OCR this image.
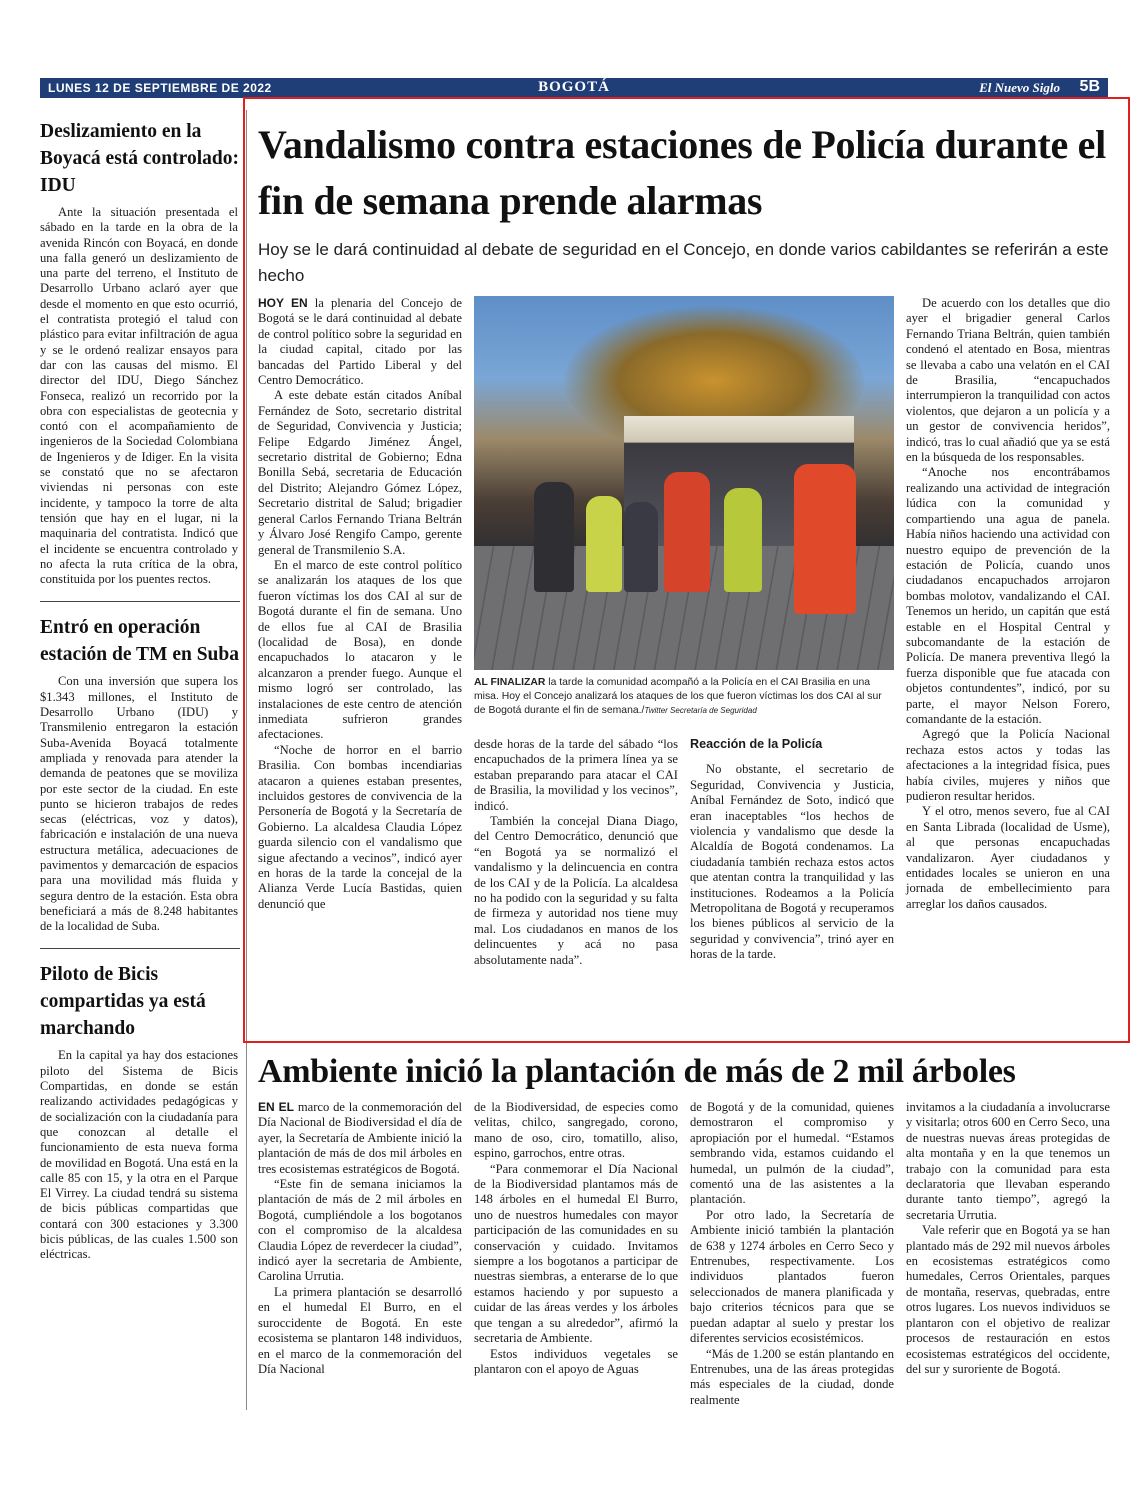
LUNES 12 DE SEPTIEMBRE DE 2022	BOGOTÁ	El Nuevo Siglo 5B
Deslizamiento en la Boyacá está controlado: IDU

Ante la situación presentada el sábado en la tarde en la obra de la avenida Rincón con Boyacá, en donde una falla generó un deslizamiento de una parte del terreno, el Instituto de Desarrollo Urbano aclaró ayer que desde el momento en que esto ocurrió, el contratista protegió el talud con plástico para evitar infiltración de agua y se le ordenó realizar ensayos para dar con las causas del mismo. El director del IDU, Diego Sánchez Fonseca, realizó un recorrido por la obra con especialistas de geotecnia y contó con el acompañamiento de ingenieros de la Sociedad Colombiana de Ingenieros y de Idiger. En la visita se constató que no se afectaron viviendas ni personas con este incidente, y tampoco la torre de alta tensión que hay en el lugar, ni la maquinaria del contratista. Indicó que el incidente se encuentra controlado y no afecta la ruta crítica de la obra, constituida por los puentes rectos.

Entró en operación estación de TM en Suba

Con una inversión que supera los $1.343 millones, el Instituto de Desarrollo Urbano (IDU) y Transmilenio entregaron la estación Suba-Avenida Boyacá totalmente ampliada y renovada para atender la demanda de peatones que se moviliza por este sector de la ciudad. En este punto se hicieron trabajos de redes secas (eléctricas, voz y datos), fabricación e instalación de una nueva estructura metálica, adecuaciones de pavimentos y demarcación de espacios para una movilidad más fluida y segura dentro de la estación. Esta obra beneficiará a más de 8.248 habitantes de la localidad de Suba.

Piloto de Bicis compartidas ya está marchando

En la capital ya hay dos estaciones piloto del Sistema de Bicis Compartidas, en donde se están realizando actividades pedagógicas y de socialización con la ciudadanía para que conozcan al detalle el funcionamiento de esta nueva forma de movilidad en Bogotá. Una está en la calle 85 con 15, y la otra en el Parque El Virrey. La ciudad tendrá su sistema de bicis públicas compartidas que contará con 300 estaciones y 3.300 bicis públicas, de las cuales 1.500 son eléctricas.

Vandalismo contra estaciones de Policía durante el fin de semana prende alarmas
Hoy se le dará continuidad al debate de seguridad en el Concejo, en donde varios cabildantes se referirán a este hecho

HOY EN la plenaria del Concejo de Bogotá se le dará continuidad al debate de control político sobre la seguridad en la ciudad capital, citado por las bancadas del Partido Liberal y del Centro Democrático.

A este debate están citados Aníbal Fernández de Soto, secretario distrital de Seguridad, Convivencia y Justicia; Felipe Edgardo Jiménez Ángel, secretario distrital de Gobierno; Edna Bonilla Sebá, secretaria de Educación del Distrito; Alejandro Gómez López, Secretario distrital de Salud; brigadier general Carlos Fernando Triana Beltrán y Álvaro José Rengifo Campo, gerente general de Transmilenio S.A.

En el marco de este control político se analizarán los ataques de los que fueron víctimas los dos CAI al sur de Bogotá durante el fin de semana. Uno de ellos fue al CAI de Brasilia (localidad de Bosa), en donde encapuchados lo atacaron y le alcanzaron a prender fuego. Aunque el mismo logró ser controlado, las instalaciones de este centro de atención inmediata sufrieron grandes afectaciones.

“Noche de horror en el barrio Brasilia. Con bombas incendiarias atacaron a quienes estaban presentes, incluidos gestores de convivencia de la Personería de Bogotá y la Secretaría de Gobierno. La alcaldesa Claudia López guarda silencio con el vandalismo que sigue afectando a vecinos”, indicó ayer en horas de la tarde la concejal de la Alianza Verde Lucía Bastidas, quien denunció que

AL FINALIZAR la tarde la comunidad acompañó a la Policía en el CAI Brasilia en una misa. Hoy el Concejo analizará los ataques de los que fueron víctimas los dos CAI al sur de Bogotá durante el fin de semana./Twitter Secretaría de Seguridad

desde horas de la tarde del sábado “los encapuchados de la primera línea ya se estaban preparando para atacar el CAI de Brasilia, la movilidad y los vecinos”, indicó.

También la concejal Diana Diago, del Centro Democrático, denunció que “en Bogotá ya se normalizó el vandalismo y la delincuencia en contra de los CAI y de la Policía. La alcaldesa no ha podido con la seguridad y su falta de firmeza y autoridad nos tiene muy mal. Los ciudadanos en manos de los delincuentes y acá no pasa absolutamente nada”.

Reacción de la Policía

No obstante, el secretario de Seguridad, Convivencia y Justicia, Aníbal Fernández de Soto, indicó que eran inaceptables “los hechos de violencia y vandalismo que desde la Alcaldía de Bogotá condenamos. La ciudadanía también rechaza estos actos que atentan contra la tranquilidad y las instituciones. Rodeamos a la Policía Metropolitana de Bogotá y recuperamos los bienes públicos al servicio de la seguridad y convivencia”, trinó ayer en horas de la tarde.

De acuerdo con los detalles que dio ayer el brigadier general Carlos Fernando Triana Beltrán, quien también condenó el atentado en Bosa, mientras se llevaba a cabo una velatón en el CAI de Brasilia, “encapuchados interrumpieron la tranquilidad con actos violentos, que dejaron a un policía y a un gestor de convivencia heridos”, indicó, tras lo cual añadió que ya se está en la búsqueda de los responsables.

“Anoche nos encontrábamos realizando una actividad de integración lúdica con la comunidad y compartiendo una agua de panela. Había niños haciendo una actividad con nuestro equipo de prevención de la estación de Policía, cuando unos ciudadanos encapuchados arrojaron bombas molotov, vandalizando el CAI. Tenemos un herido, un capitán que está estable en el Hospital Central y subcomandante de la estación de Policía. De manera preventiva llegó la fuerza disponible que fue atacada con objetos contundentes”, indicó, por su parte, el mayor Nelson Forero, comandante de la estación.

Agregó que la Policía Nacional rechaza estos actos y todas las afectaciones a la integridad física, pues había civiles, mujeres y niños que pudieron resultar heridos.

Y el otro, menos severo, fue al CAI en Santa Librada (localidad de Usme), al que personas encapuchadas vandalizaron. Ayer ciudadanos y entidades locales se unieron en una jornada de embellecimiento para arreglar los daños causados.

Ambiente inició la plantación de más de 2 mil árboles

EN EL marco de la conmemoración del Día Nacional de Biodiversidad el día de ayer, la Secretaría de Ambiente inició la plantación de más de dos mil árboles en tres ecosistemas estratégicos de Bogotá.

“Este fin de semana iniciamos la plantación de más de 2 mil árboles en Bogotá, cumpliéndole a los bogotanos con el compromiso de la alcaldesa Claudia López de reverdecer la ciudad”, indicó ayer la secretaria de Ambiente, Carolina Urrutia.

La primera plantación se desarrolló en el humedal El Burro, en el suroccidente de Bogotá. En este ecosistema se plantaron 148 individuos, en el marco de la conmemoración del Día Nacional

de la Biodiversidad, de especies como velitas, chilco, sangregado, corono, mano de oso, ciro, tomatillo, aliso, espino, garrochos, entre otras.

“Para conmemorar el Día Nacional de la Biodiversidad plantamos más de 148 árboles en el humedal El Burro, uno de nuestros humedales con mayor participación de las comunidades en su conservación y cuidado. Invitamos siempre a los bogotanos a participar de nuestras siembras, a enterarse de lo que estamos haciendo y por supuesto a cuidar de las áreas verdes y los árboles que tengan a su alrededor”, afirmó la secretaria de Ambiente.

Estos individuos vegetales se plantaron con el apoyo de Aguas

de Bogotá y de la comunidad, quienes demostraron el compromiso y apropiación por el humedal. “Estamos sembrando vida, estamos cuidando el humedal, un pulmón de la ciudad”, comentó una de las asistentes a la plantación.

Por otro lado, la Secretaría de Ambiente inició también la plantación de 638 y 1274 árboles en Cerro Seco y Entrenubes, respectivamente. Los individuos plantados fueron seleccionados de manera planificada y bajo criterios técnicos para que se puedan adaptar al suelo y prestar los diferentes servicios ecosistémicos.

“Más de 1.200 se están plantando en Entrenubes, una de las áreas protegidas más especiales de la ciudad, donde realmente

invitamos a la ciudadanía a involucrarse y visitarla; otros 600 en Cerro Seco, una de nuestras nuevas áreas protegidas de alta montaña y en la que tenemos un trabajo con la comunidad para esta declaratoria que llevaban esperando durante tanto tiempo”, agregó la secretaria Urrutia.

Vale referir que en Bogotá ya se han plantado más de 292 mil nuevos árboles en ecosistemas estratégicos como humedales, Cerros Orientales, parques de montaña, reservas, quebradas, entre otros lugares. Los nuevos individuos se plantaron con el objetivo de realizar procesos de restauración en estos ecosistemas estratégicos del occidente, del sur y suroriente de Bogotá.
